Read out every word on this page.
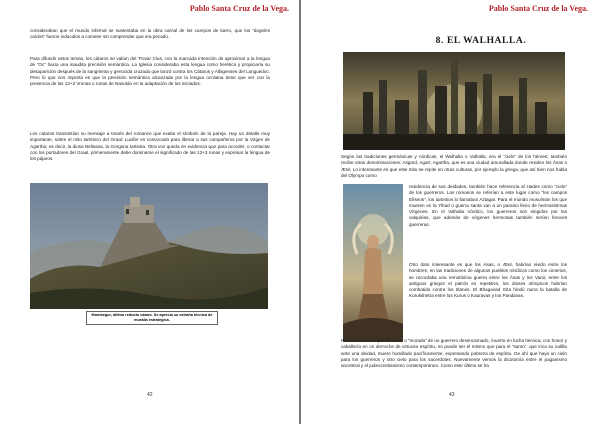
Pablo Santa Cruz de la Vega.

consideraban que el mundo infernal se sustentaba en la obra carnal de los cuerpos de barro, que los “ángeles caídos” fueron inducidos a cometer sin comprender que era pecado.

Para difundir estos temas, los cátaros se valían del Trovar Clus, con la marcada intención de aproximar a la lengua de “Oc” hacia una inaudita precisión semántica. La Iglesia consideraba esta lengua como herética y propiciaría su desaparición después de la sangrienta y genocida cruzada que lanzó contra los Cátaros y Albigenses del Languedoc. Pero lo que nos importa es que la precisión semántica alcanzada por la lengua occitana tiene que ver con la presencia de las 13+3 Vrunas o runas de Navután en la adaptación de los iniciados.

Los cátaros transmitían su mensaje a través del romance que exalta el símbolo de la pareja. Hay un detalle muy importante, sobre el mito tartésico del Graal: Lucifer es convocado para liberar a sus compañeros por la Virgen de Agartha; es decir, la diosa Belisana, la Gorgona tartesia. Otra voz queda en evidencia que para acceder, o contactar con los portadores del Graal, primeramente debe dominarse el significado de las 13+3 runas y expresar la lengua de los pájaros.

Montségur, último reducto cátaro. Se aprecia su extraña técnica de muralla estratégica.
42
Pablo Santa Cruz de la Vega.
8. EL WALHALLA.

Según las tradiciones germánicas y nórdicas, el Walhalla o Valhalla, era el “cielo” de los héroes; también recibe otras denominaciones: Asgard, Agart, Agartha, que es una ciudad amurallada donde residen los Ásas o Æsir. Lo interesante es que este mito se repite en otras culturas, por ejemplo la griega, que así bien nos habla del Olympo como

residencia de sus deidades, también hace referencia al Hades como “cielo” de los guerreros. Los romanos se referían a este lugar como “los campos Elíseos”, los tartesios lo llamaban Aztagar. Para el mundo musulmán los que mueren en la Yihad o guerra santa van a un paraíso lleno de hermosísimas Vírgenes. En el Valhalla nórdico, los guerreros son elegidos por las valquirias, que además de vírgenes hermosas también serían feroces guerreras.

Otro dato interesante es que los Ásas, o Æsir, habrían vivido entre los hombres; en las tradiciones de algunos pueblos nórdicos como los cimerios, se recordaba una remotísima guerra entre los Ásas y los Vanir, entre los antiguos griegos el patrón es repetitivo, los dioses olímpicos habrían combatido contra los titanes. El Bhagavad Gita hindú narra la batalla de Kurukshetra entre los Kurus o Kauravas y los Pandavas.

Resulta evidente que el “cielo” o “morada” de un guerrero desencarnado, muerto en lucha heroica, con honor y caballería en un derroche de virtuoso espíritu, no puede ser el mismo que para el “santo”, que inca su rodilla ante una deidad, muere humillado pacíficamente, expresando pobreza de espíritu. De ahí que haya un cielo para los guerreros y otro cielo para los sacerdotes. Nuevamente vemos la dicotomía entre el paganismo ancestral y el judeocristianismo contemporáneo. Como este último se ha

43
